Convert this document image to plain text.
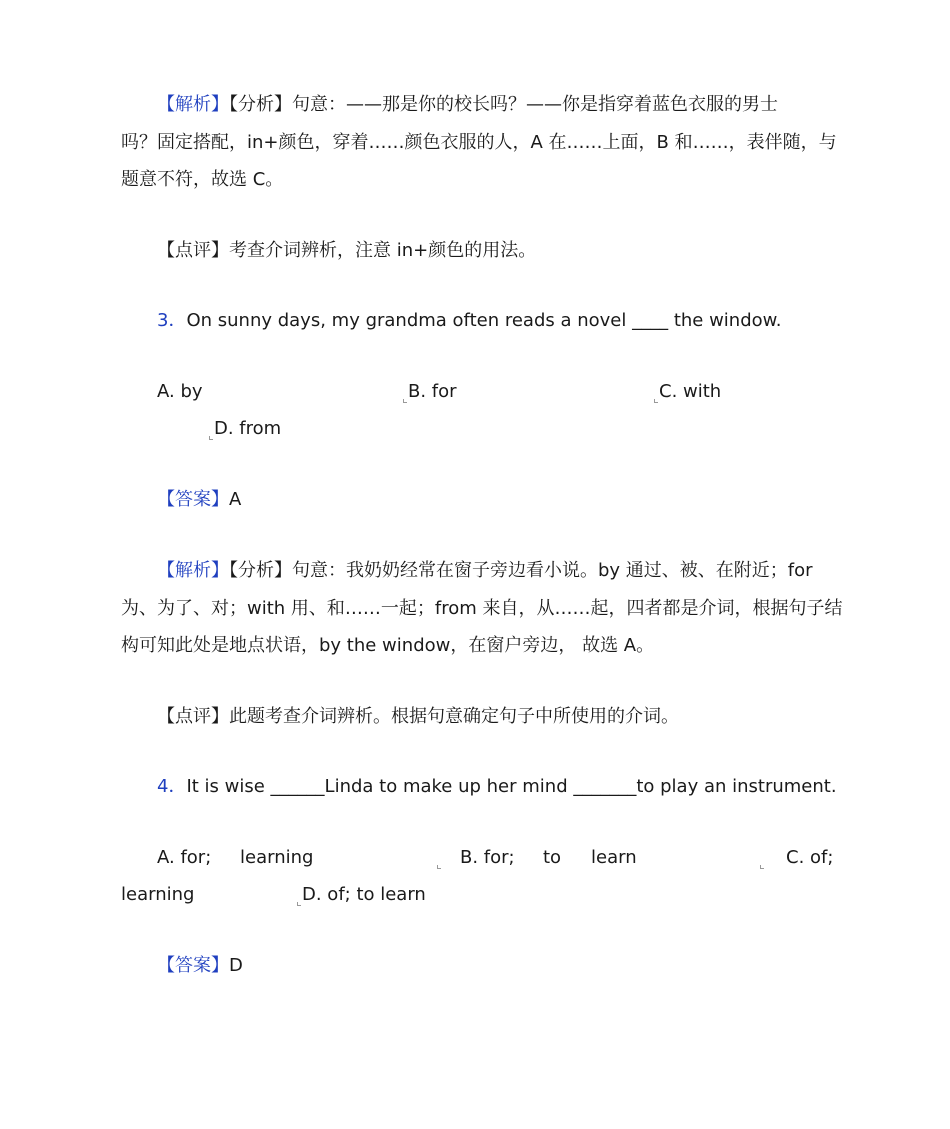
【解析】【分析】句意：——那是你的校长吗？——你是指穿着蓝色衣服的男士
吗？固定搭配，in+颜色，穿着……颜色衣服的人，A 在……上面，B 和……，表伴随，与
题意不符，故选 C。
【点评】考查介词辨析，注意 in+颜色的用法。
3．On sunny days, my grandma often reads a novel ____ the window.
A. by	B. for	C. with
D. from
【答案】A
【解析】【分析】句意：我奶奶经常在窗子旁边看小说。by 通过、被、在附近；for
为、为了、对；with 用、和……一起；from 来自，从……起，四者都是介词，根据句子结
构可知此处是地点状语，by the window，在窗户旁边， 故选 A。
【点评】此题考查介词辨析。根据句意确定句子中所使用的介词。
4．It is wise ______Linda to make up her mind _______to play an instrument.
A. for; learning	B. for; to learn	C. of;
learning	D. of; to learn
【答案】D
